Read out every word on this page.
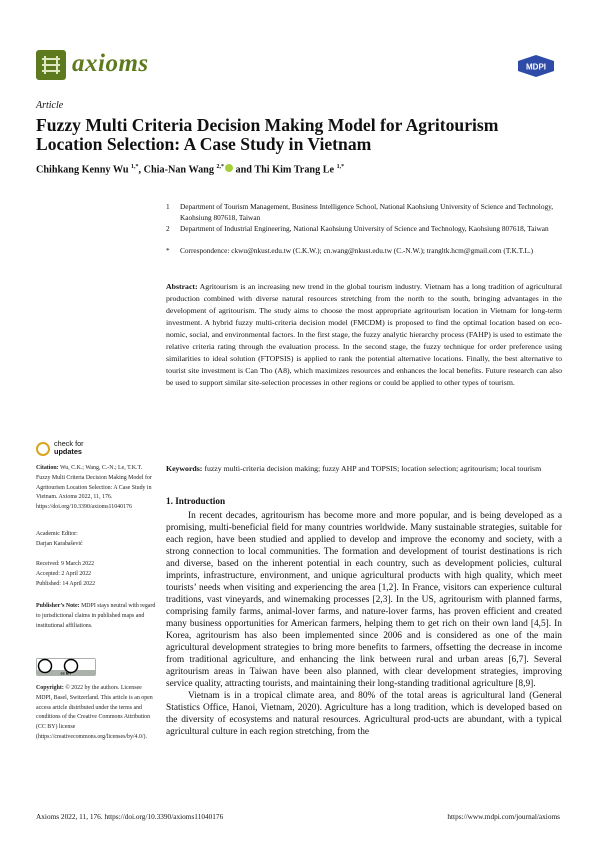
axioms	MDPI
Article
Fuzzy Multi Criteria Decision Making Model for Agritourism Location Selection: A Case Study in Vietnam
Chihkang Kenny Wu $^{1,*}$, Chia-Nan Wang $^{2,*}$ and Thi Kim Trang Le $^{1,*}$
1	Department of Tourism Management, Business Intelligence School, National Kaohsiung University of Science and Technology, Kaohsiung 807618, Taiwan
2	Department of Industrial Engineering, National Kaohsiung University of Science and Technology, Kaohsiung 807618, Taiwan
*	Correspondence: ckwu@nkust.edu.tw (C.K.W.); cn.wang@nkust.edu.tw (C.-N.W.); trangltk.hcm@gmail.com (T.K.T.L.)
Abstract: Agritourism is an increasing new trend in the global tourism industry. Vietnam has a long tradition of agricultural production combined with diverse natural resources stretching from the north to the south, bringing advantages in the development of agritourism. The study aims to choose the most appropriate agritourism location in Vietnam for long-term investment. A hybrid fuzzy multi-criteria decision model (FMCDM) is proposed to find the optimal location based on eco-nomic, social, and environmental factors. In the first stage, the fuzzy analytic hierarchy process (FAHP) is used to estimate the relative criteria rating through the evaluation process. In the second stage, the fuzzy technique for order preference using similarities to ideal solution (FTOPSIS) is applied to rank the potential alternative locations. Finally, the best alternative to tourist site investment is Can Tho (A8), which maximizes resources and enhances the local benefits. Future research can also be used to support similar site-selection processes in other regions or could be applied to other types of tourism.
Keywords: fuzzy multi-criteria decision making; fuzzy AHP and TOPSIS; location selection; agritourism; local tourism
check for
updates
Citation: Wu, C.K.; Wang, C.-N.; Le, T.K.T. Fuzzy Multi Criteria Decision Making Model for Agritourism Location Selection: A Case Study in Vietnam. Axioms 2022, 11, 176. https://doi.org/10.3390/axioms11040176
Academic Editor:
Darjan Karabašević
Received: 9 March 2022
Accepted: 2 April 2022
Published: 14 April 2022
Publisher’s Note: MDPI stays neutral with regard to jurisdictional claims in published maps and institutional affiliations.
cc BY
Copyright: © 2022 by the authors. Licensee MDPI, Basel, Switzerland. This article is an open access article distributed under the terms and conditions of the Creative Commons Attribution (CC BY) license (https://creativecommons.org/licenses/by/4.0/).
1. Introduction

In recent decades, agritourism has become more and more popular, and is being developed as a promising, multi-beneficial field for many countries worldwide. Many sustainable strategies, suitable for each region, have been studied and applied to develop and improve the economy and society, with a strong connection to local communities. The formation and development of tourist destinations is rich and diverse, based on the inherent potential in each country, such as development policies, cultural imprints, infrastructure, environment, and unique agricultural products with high quality, which meet tourists’ needs when visiting and experiencing the area [1,2]. In France, visitors can experience cultural traditions, vast vineyards, and winemaking processes [2,3]. In the US, agritourism with planned farms, comprising family farms, animal-lover farms, and nature-lover farms, has proven efficient and created many business opportunities for American farmers, helping them to get rich on their own land [4,5]. In Korea, agritourism has also been implemented since 2006 and is considered as one of the main agricultural development strategies to bring more benefits to farmers, offsetting the decrease in income from traditional agriculture, and enhancing the link between rural and urban areas [6,7]. Several agritourism areas in Taiwan have been also planned, with clear development strategies, improving service quality, attracting tourists, and maintaining their long-standing traditional agriculture [8,9].

Vietnam is in a tropical climate area, and 80% of the total areas is agricultural land (General Statistics Office, Hanoi, Vietnam, 2020). Agriculture has a long tradition, which is developed based on the diversity of ecosystems and natural resources. Agricultural prod-ucts are abundant, with a typical agricultural culture in each region stretching, from the

Axioms 2022, 11, 176. https://doi.org/10.3390/axioms11040176	https://www.mdpi.com/journal/axioms
